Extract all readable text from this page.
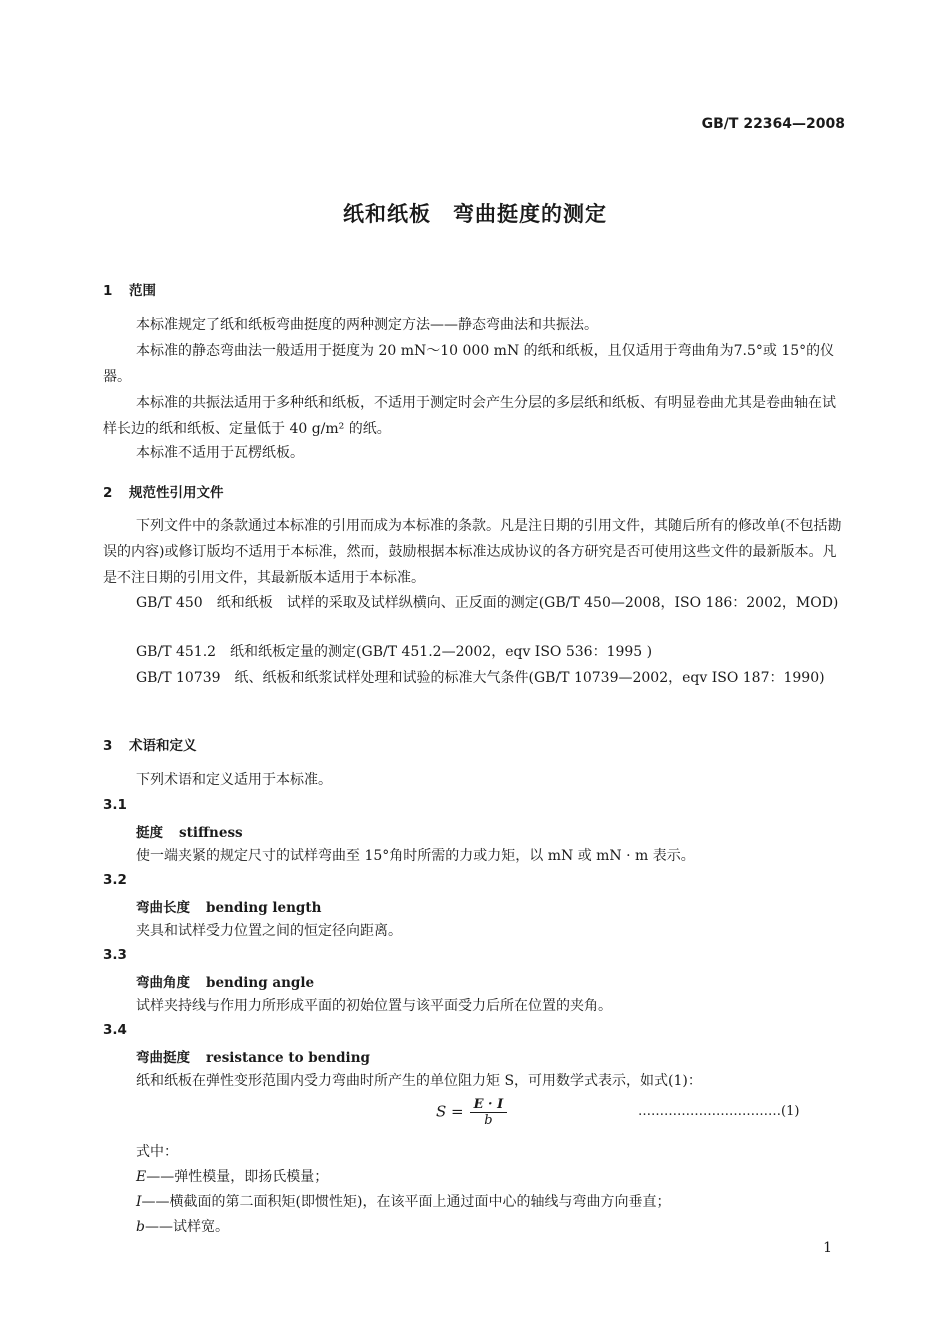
GB/T 22364—2008
纸和纸板　弯曲挺度的测定
1 范围
本标准规定了纸和纸板弯曲挺度的两种测定方法——静态弯曲法和共振法。
本标准的静态弯曲法一般适用于挺度为 20 mN～10 000 mN 的纸和纸板，且仅适用于弯曲角为7.5°或 15°的仪器。
本标准的共振法适用于多种纸和纸板，不适用于测定时会产生分层的多层纸和纸板、有明显卷曲尤其是卷曲轴在试样长边的纸和纸板、定量低于 40 g/m² 的纸。
本标准不适用于瓦楞纸板。
2 规范性引用文件
下列文件中的条款通过本标准的引用而成为本标准的条款。凡是注日期的引用文件，其随后所有的修改单(不包括勘误的内容)或修订版均不适用于本标准，然而，鼓励根据本标准达成协议的各方研究是否可使用这些文件的最新版本。凡是不注日期的引用文件，其最新版本适用于本标准。
GB/T 450　纸和纸板　试样的采取及试样纵横向、正反面的测定(GB/T 450—2008，ISO 186：2002，MOD)
GB/T 451.2　纸和纸板定量的测定(GB/T 451.2—2002，eqv ISO 536：1995 )
GB/T 10739　纸、纸板和纸浆试样处理和试验的标准大气条件(GB/T 10739—2002，eqv ISO 187：1990)
3 术语和定义
下列术语和定义适用于本标准。
3.1
挺度 stiffness
使一端夹紧的规定尺寸的试样弯曲至 15°角时所需的力或力矩，以 mN 或 mN · m 表示。
3.2
弯曲长度 bending length
夹具和试样受力位置之间的恒定径向距离。
3.3
弯曲角度 bending angle
试样夹持线与作用力所形成平面的初始位置与该平面受力后所在位置的夹角。
3.4
弯曲挺度 resistance to bending
纸和纸板在弹性变形范围内受力弯曲时所产生的单位阻力矩 S，可用数学式表示，如式(1)：
$S = \frac{E \cdot I}{b}$	……………………………(1)
式中：
E——弹性模量，即扬氏模量；
I——横截面的第二面积矩(即惯性矩)，在该平面上通过面中心的轴线与弯曲方向垂直；
b——试样宽。
1
